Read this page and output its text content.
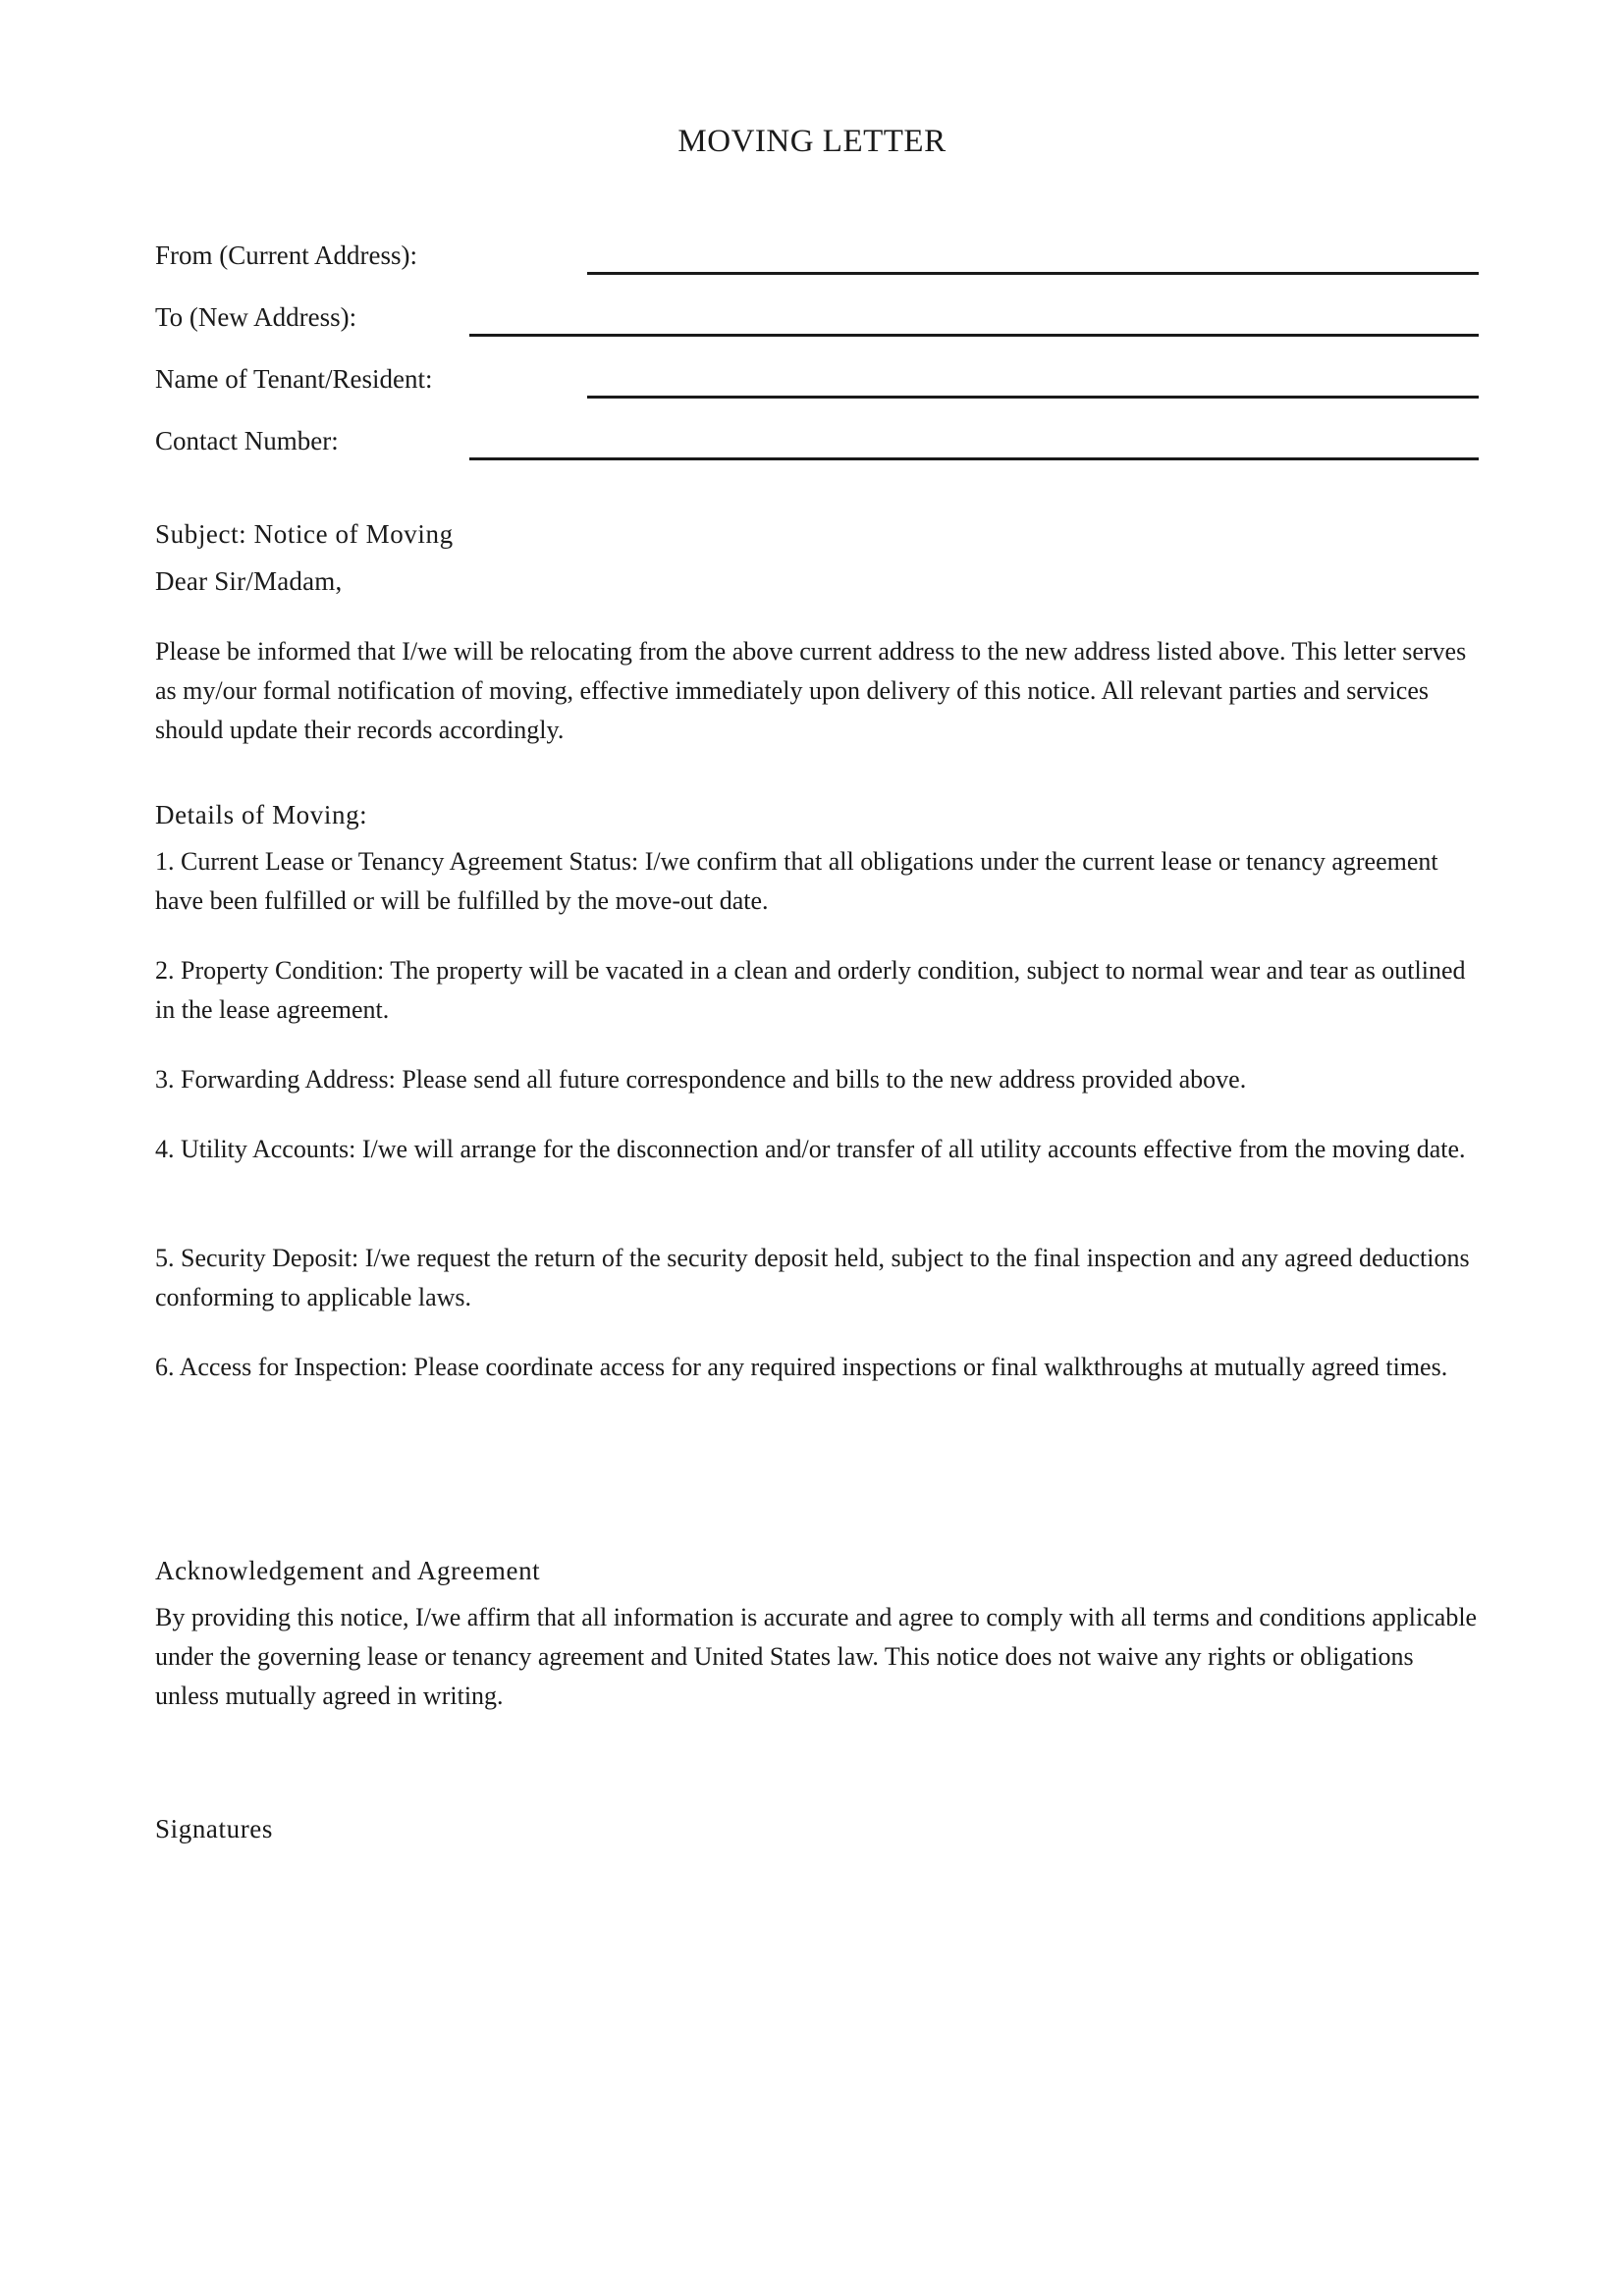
MOVING LETTER
From (Current Address):
To (New Address):
Name of Tenant/Resident:
Contact Number:
Subject: Notice of Moving
Dear Sir/Madam,

Please be informed that I/we will be relocating from the above current address to the new address listed above. This letter serves as my/our formal notification of moving, effective immediately upon delivery of this notice. All relevant parties and services should update their records accordingly.

Details of Moving:

1. Current Lease or Tenancy Agreement Status: I/we confirm that all obligations under the current lease or tenancy agreement have been fulfilled or will be fulfilled by the move-out date.

2. Property Condition: The property will be vacated in a clean and orderly condition, subject to normal wear and tear as outlined in the lease agreement.

3. Forwarding Address: Please send all future correspondence and bills to the new address provided above.

4. Utility Accounts: I/we will arrange for the disconnection and/or transfer of all utility accounts effective from the moving date.

5. Security Deposit: I/we request the return of the security deposit held, subject to the final inspection and any agreed deductions conforming to applicable laws.

6. Access for Inspection: Please coordinate access for any required inspections or final walkthroughs at mutually agreed times.

Acknowledgement and Agreement

By providing this notice, I/we affirm that all information is accurate and agree to comply with all terms and conditions applicable under the governing lease or tenancy agreement and United States law. This notice does not waive any rights or obligations unless mutually agreed in writing.

Signatures
